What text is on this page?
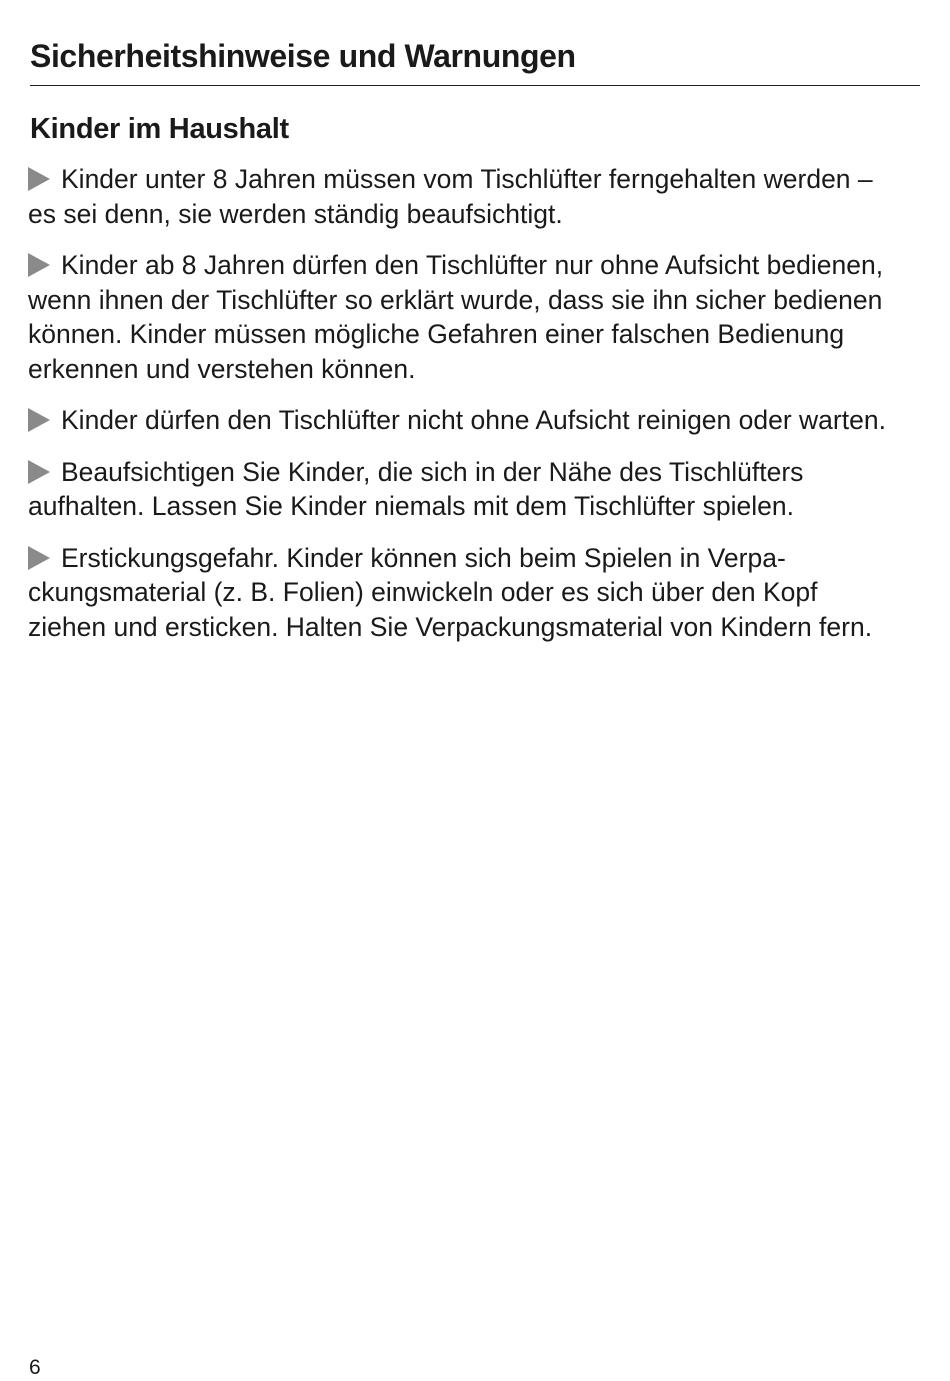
Sicherheitshinweise und Warnungen
Kinder im Haushalt
Kinder unter 8 Jahren müssen vom Tischlüfter ferngehalten werden – es sei denn, sie werden ständig beaufsichtigt.
Kinder ab 8 Jahren dürfen den Tischlüfter nur ohne Aufsicht bedienen, wenn ihnen der Tischlüfter so erklärt wurde, dass sie ihn sicher bedienen können. Kinder müssen mögliche Gefahren einer falschen Bedienung erkennen und verstehen können.
Kinder dürfen den Tischlüfter nicht ohne Aufsicht reinigen oder warten.
Beaufsichtigen Sie Kinder, die sich in der Nähe des Tischlüfters aufhalten. Lassen Sie Kinder niemals mit dem Tischlüfter spielen.
Erstickungsgefahr. Kinder können sich beim Spielen in Verpackungsmaterial (z. B. Folien) einwickeln oder es sich über den Kopf ziehen und ersticken. Halten Sie Verpackungsmaterial von Kindern fern.
6
